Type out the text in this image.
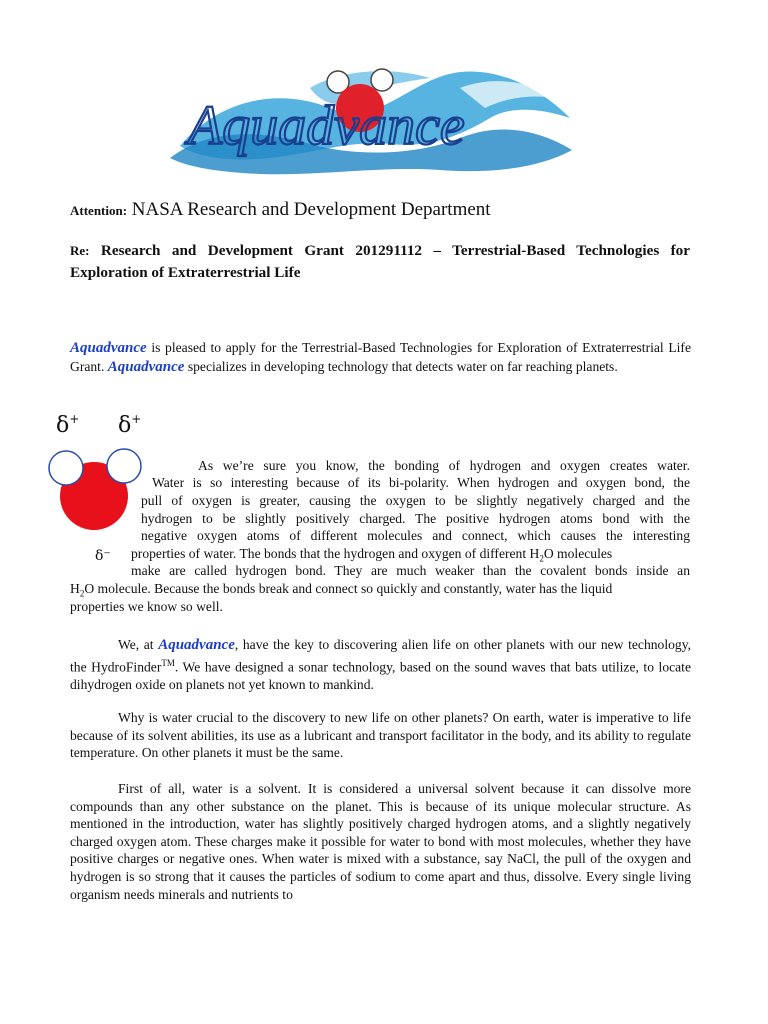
Aquadvance
Attention: NASA Research and Development Department
Re: Research and Development Grant 201291112 – Terrestrial-Based Technologies for Exploration of Extraterrestrial Life
Aquadvance is pleased to apply for the Terrestrial-Based Technologies for Exploration of Extraterrestrial Life Grant. Aquadvance specializes in developing technology that detects water on far reaching planets.
δ+ δ+
δ⁻
As we’re sure you know, the bonding of hydrogen and oxygen creates water.
Water is so interesting because of its bi-polarity. When hydrogen and oxygen bond, the
pull of oxygen is greater, causing the oxygen to be slightly negatively charged and the
hydrogen to be slightly positively charged. The positive hydrogen atoms bond with the
negative oxygen atoms of different molecules and connect, which causes the interesting
properties of water. The bonds that the hydrogen and oxygen of different $H_2O$ molecules
make are called hydrogen bond. They are much weaker than the covalent bonds inside an
$H_2O$ molecule. Because the bonds break and connect so quickly and constantly, water has the liquid
properties we know so well.
We, at Aquadvance, have the key to discovering alien life on other planets with our new technology, the HydroFinder™. We have designed a sonar technology, based on the sound waves that bats utilize, to locate dihydrogen oxide on planets not yet known to mankind.
Why is water crucial to the discovery to new life on other planets? On earth, water is imperative to life because of its solvent abilities, its use as a lubricant and transport facilitator in the body, and its ability to regulate temperature. On other planets it must be the same.
First of all, water is a solvent. It is considered a universal solvent because it can dissolve more compounds than any other substance on the planet. This is because of its unique molecular structure. As mentioned in the introduction, water has slightly positively charged hydrogen atoms, and a slightly negatively charged oxygen atom. These charges make it possible for water to bond with most molecules, whether they have positive charges or negative ones. When water is mixed with a substance, say NaCl, the pull of the oxygen and hydrogen is so strong that it causes the particles of sodium to come apart and thus, dissolve. Every single living organism needs minerals and nutrients to
